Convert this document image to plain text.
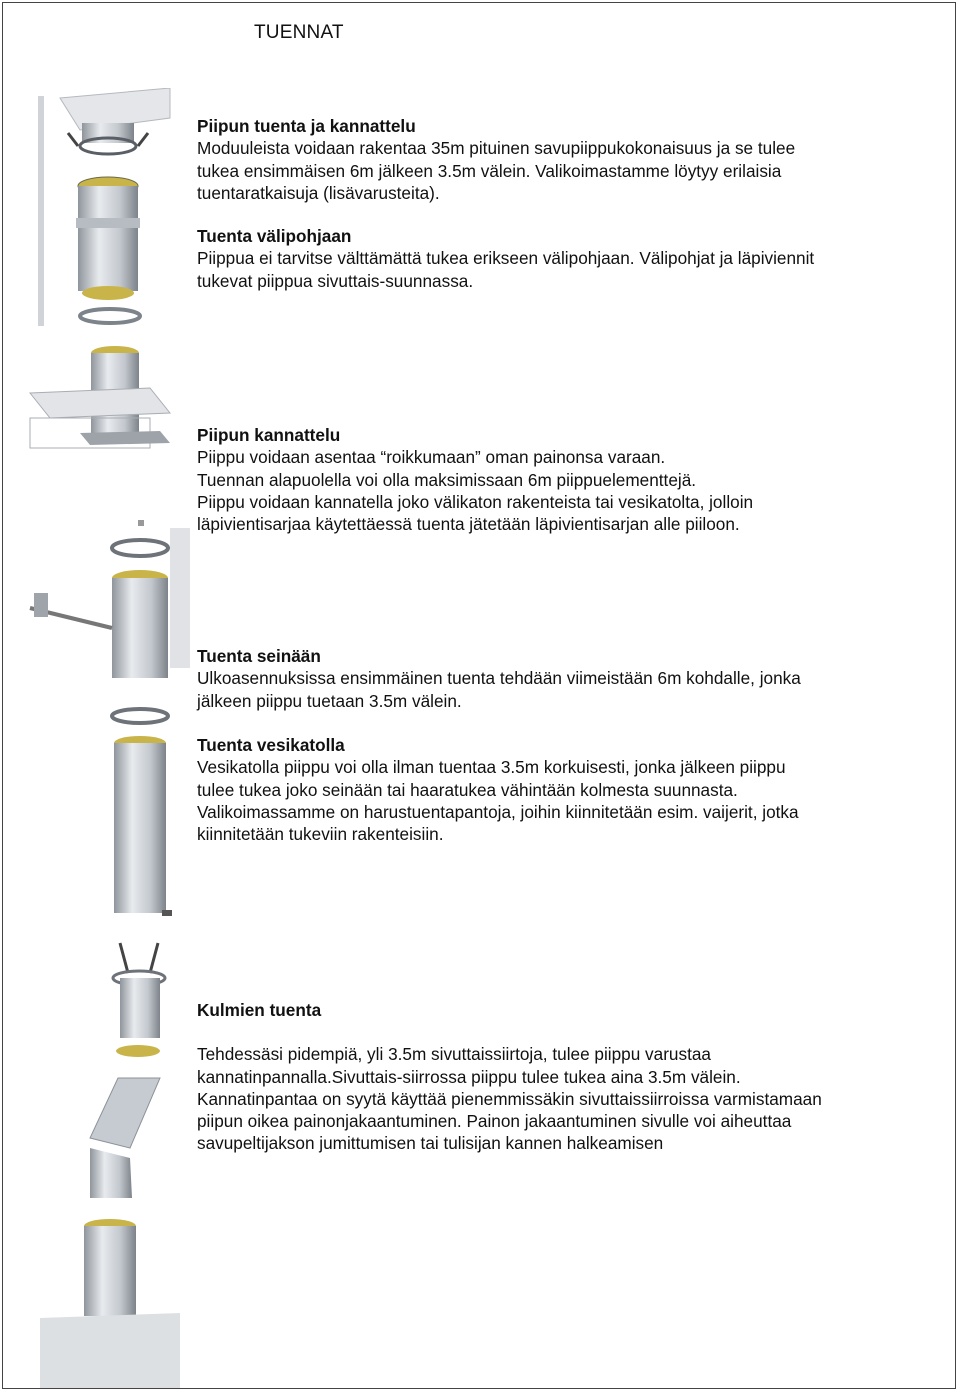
TUENNAT
Piipun tuenta ja kannattelu

Moduuleista voidaan rakentaa 35m pituinen savupiippukokonaisuus ja se tulee

tukea ensimmäisen 6m jälkeen 3.5m välein. Valikoimastamme löytyy erilaisia

tuentaratkaisuja (lisävarusteita).

Tuenta välipohjaan

Piippua ei tarvitse välttämättä tukea erikseen välipohjaan. Välipohjat ja läpiviennit

tukevat piippua sivuttais-suunnassa.

Piipun kannattelu

Piippu voidaan asentaa “roikkumaan” oman painonsa varaan.

Tuennan alapuolella voi olla maksimissaan 6m piippuelementtejä.

Piippu voidaan kannatella joko välikaton rakenteista tai vesikatolta, jolloin

läpivientisarjaa käytettäessä tuenta jätetään läpivientisarjan alle piiloon.

Tuenta seinään

Ulkoasennuksissa ensimmäinen tuenta tehdään viimeistään 6m kohdalle, jonka

jälkeen piippu tuetaan 3.5m välein.

Tuenta vesikatolla

Vesikatolla piippu voi olla ilman tuentaa 3.5m korkuisesti, jonka jälkeen piippu

tulee tukea joko seinään tai haaratukea vähintään kolmesta suunnasta.

Valikoimassamme on harustuentapantoja, joihin kiinnitetään esim. vaijerit, jotka

kiinnitetään tukeviin rakenteisiin.

Kulmien tuenta

Tehdessäsi pidempiä, yli 3.5m sivuttaissiirtoja, tulee piippu varustaa

kannatinpannalla.Sivuttais-siirrossa piippu tulee tukea aina 3.5m välein.

Kannatinpantaa on syytä käyttää pienemmissäkin sivuttaissiirroissa varmistamaan

piipun oikea painonjakaantuminen. Painon jakaantuminen sivulle voi aiheuttaa

savupeltijakson jumittumisen tai tulisijan kannen halkeamisen
